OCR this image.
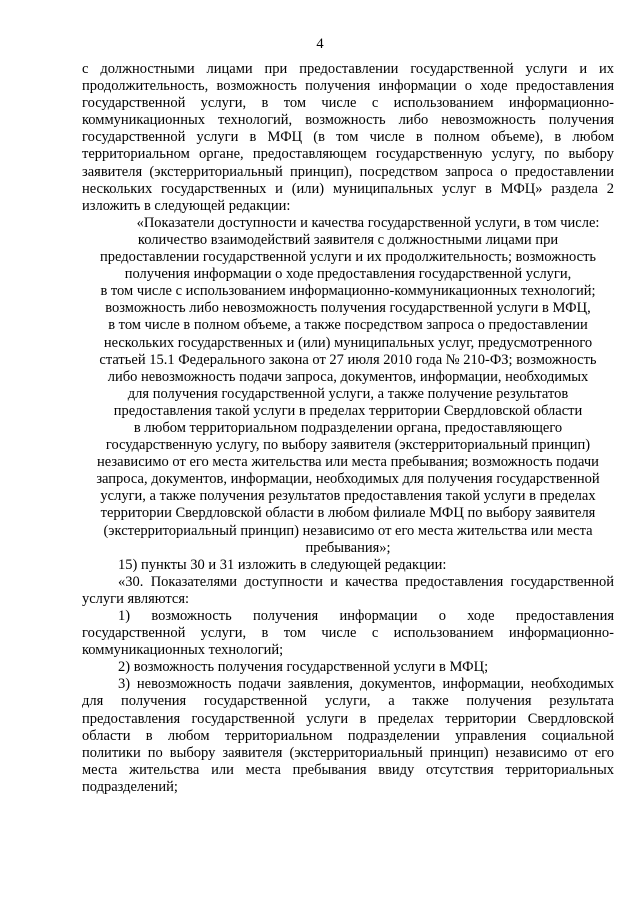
4
с должностными лицами при предоставлении государственной услуги и их
продолжительность, возможность получения информации о ходе предоставления
государственной услуги, в том числе с использованием информационно-
коммуникационных технологий, возможность либо невозможность получения
государственной услуги в МФЦ (в том числе в полном объеме), в любом
территориальном органе, предоставляющем государственную услугу, по выбору
заявителя (экстерриториальный принцип), посредством запроса о предоставлении
нескольких государственных и (или) муниципальных услуг в МФЦ» раздела 2
изложить в следующей редакции:
«Показатели доступности и качества государственной услуги, в том числе:
количество взаимодействий заявителя с должностными лицами при
предоставлении государственной услуги и их продолжительность; возможность
получения информации о ходе предоставления государственной услуги,
в том числе с использованием информационно-коммуникационных технологий;
возможность либо невозможность получения государственной услуги в МФЦ,
в том числе в полном объеме, а также посредством запроса о предоставлении
нескольких государственных и (или) муниципальных услуг, предусмотренного
статьей 15.1 Федерального закона от 27 июля 2010 года № 210-ФЗ; возможность
либо невозможность подачи запроса, документов, информации, необходимых
для получения государственной услуги, а также получение результатов
предоставления такой услуги в пределах территории Свердловской области
в любом территориальном подразделении органа, предоставляющего
государственную услугу, по выбору заявителя (экстерриториальный принцип)
независимо от его места жительства или места пребывания; возможность подачи
запроса, документов, информации, необходимых для получения государственной
услуги, а также получения результатов предоставления такой услуги в пределах
территории Свердловской области в любом филиале МФЦ по выбору заявителя
(экстерриториальный принцип) независимо от его места жительства или места
пребывания»;
15) пункты 30 и 31 изложить в следующей редакции:
«30. Показателями доступности и качества предоставления государственной
услуги являются:
1) возможность получения информации о ходе предоставления
государственной услуги, в том числе с использованием информационно-
коммуникационных технологий;
2) возможность получения государственной услуги в МФЦ;
3) невозможность подачи заявления, документов, информации, необходимых
для получения государственной услуги, а также получения результата
предоставления государственной услуги в пределах территории Свердловской
области в любом территориальном подразделении управления социальной
политики по выбору заявителя (экстерриториальный принцип) независимо от его
места жительства или места пребывания ввиду отсутствия территориальных
подразделений;
